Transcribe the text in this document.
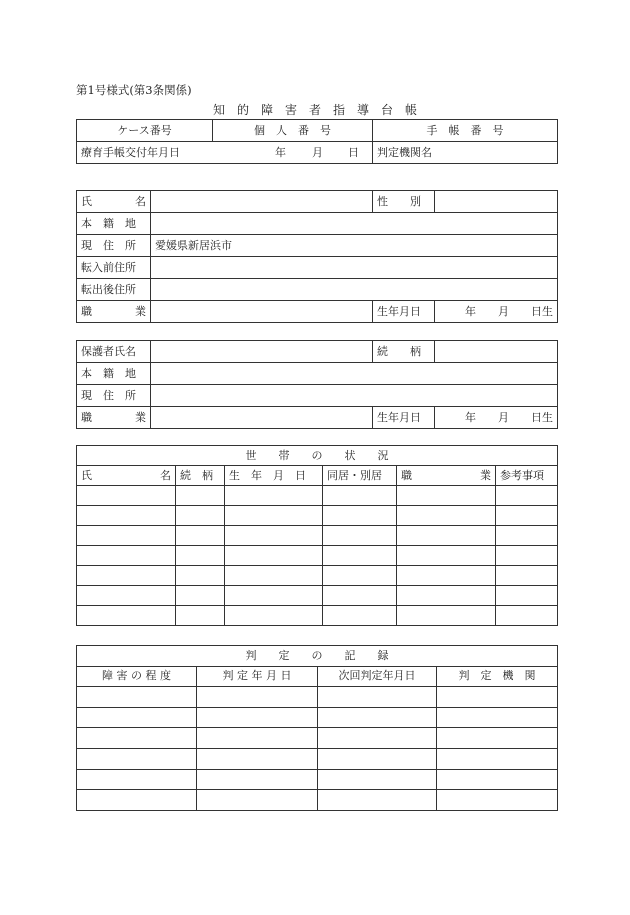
第1号様式(第3条関係)
知　的　障　害　者　指　導　台　帳
ケース番号	個　人　番　号	手　帳　番　号
療育手帳交付年月日 年 月 日		判定機関名
氏 名		性　　別	
本　籍　地			
現　住　所	愛媛県新居浜市		
転入前住所			
転出後住所			

職 業		生年月日	年　　 月　　 日生
保護者氏名		続　　柄	
本　籍　地			
現　住　所			

職 業		生年月日	年　　 月　　 日生
世　　帯　　の　　状　　況					

氏 名	続　柄	生　年　月　日	同居・別居	職 業	参考事項

判　　定　　の　　記　　録			
障 害 の 程 度	判 定 年 月 日	次回判定年月日	判　定　機　関
